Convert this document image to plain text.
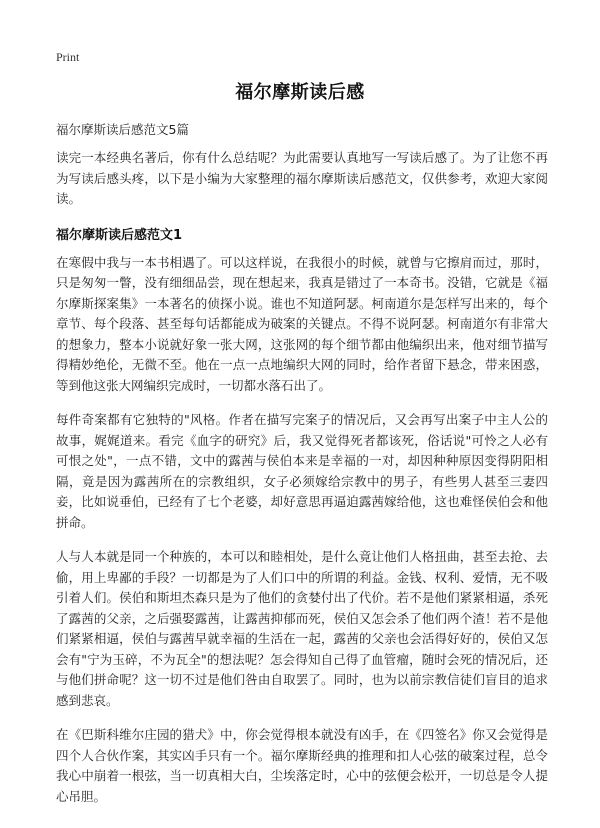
Print
福尔摩斯读后感
福尔摩斯读后感范文5篇

读完一本经典名著后，你有什么总结呢？为此需要认真地写一写读后感了。为了让您不再为写读后感头疼，以下是小编为大家整理的福尔摩斯读后感范文，仅供参考，欢迎大家阅读。

福尔摩斯读后感范文1

在寒假中我与一本书相遇了。可以这样说，在我很小的时候，就曾与它擦肩而过，那时，只是匆匆一瞥，没有细细品尝，现在想起来，我真是错过了一本奇书。没错，它就是《福尔摩斯探案集》一本著名的侦探小说。谁也不知道阿瑟。柯南道尔是怎样写出来的，每个章节、每个段落、甚至每句话都能成为破案的关键点。不得不说阿瑟。柯南道尔有非常大的想象力，整本小说就好象一张大网，这张网的每个细节都由他编织出来，他对细节描写得精妙绝伦，无微不至。他在一点一点地编织大网的同时，给作者留下悬念，带来困惑，等到他这张大网编织完成时，一切都水落石出了。

每件奇案都有它独特的"风格。作者在描写完案子的情况后，又会再写出案子中主人公的故事，娓娓道来。看完《血字的研究》后，我又觉得死者都该死，俗话说"可怜之人必有可恨之处"，一点不错，文中的露茜与侯伯本来是幸福的一对，却因种种原因变得阴阳相隔，竟是因为露茜所在的宗教组织，女子必须嫁给宗教中的男子，有些男人甚至三妻四妾，比如说垂伯，已经有了七个老婆，却好意思再逼迫露茜嫁给他，这也难怪侯伯会和他拼命。

人与人本就是同一个种族的，本可以和睦相处，是什么竟让他们人格扭曲，甚至去抢、去偷，用上卑鄙的手段？一切都是为了人们口中的所谓的利益。金钱、权利、爱情，无不吸引着人们。侯伯和斯坦杰森只是为了他们的贪婪付出了代价。若不是他们紧紧相逼，杀死了露茜的父亲，之后强娶露茜，让露茜抑郁而死，侯伯又怎会杀了他们两个渣！若不是他们紧紧相逼，侯伯与露茜早就幸福的生活在一起，露茜的父亲也会活得好好的，侯伯又怎会有"宁为玉碎，不为瓦全"的想法呢？怎会得知自己得了血管瘤，随时会死的情况后，还与他们拼命呢？这一切不过是他们咎由自取罢了。同时，也为以前宗教信徒们盲目的追求感到悲哀。

在《巴斯科维尔庄园的猎犬》中，你会觉得根本就没有凶手，在《四签名》你又会觉得是四个人合伙作案，其实凶手只有一个。福尔摩斯经典的推理和扣人心弦的破案过程，总令我心中崩着一根弦，当一切真相大白，尘埃落定时，心中的弦便会松开，一切总是令人提心吊胆。
